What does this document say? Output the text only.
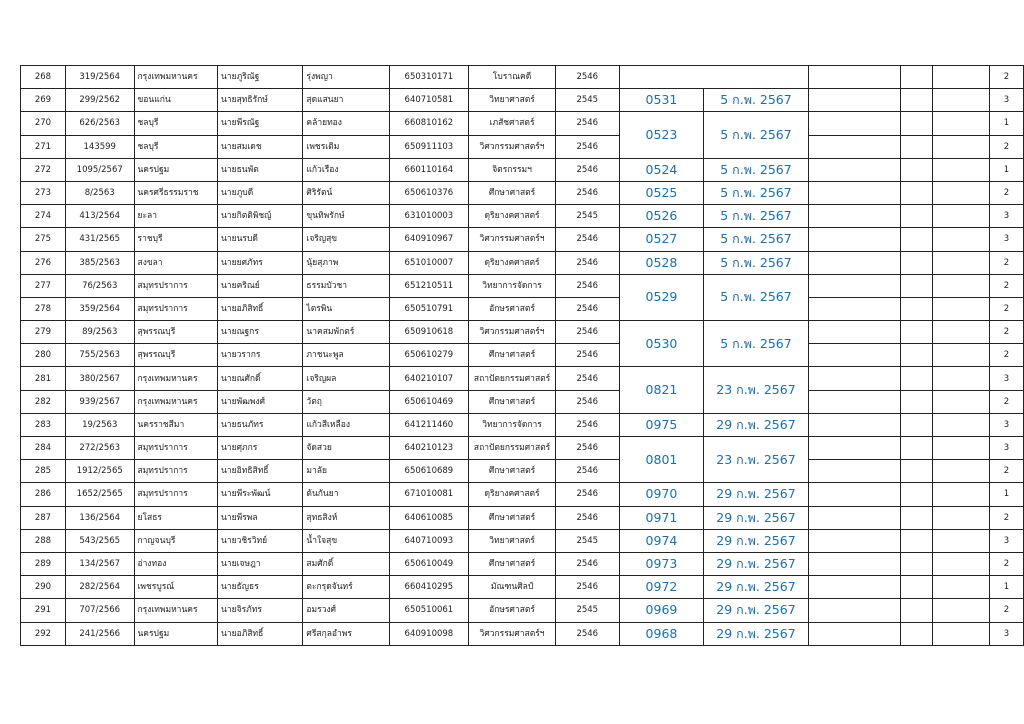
268	319/2564	กรุงเทพมหานคร	นายภูริณัฐ	รุ่งพญา	650310171	โบราณคดี	2546						2
269	299/2562	ขอนแก่น	นายสุทธิรักษ์	สุดแสนยา	640710581	วิทยาศาสตร์	2545	0531	5 ก.พ. 2567				3
270	626/2563	ชลบุรี	นายพีรณัฐ	คล้ายทอง	660810162	เภสัชศาสตร์	2546	0523	5 ก.พ. 2567				1
271	143599	ชลบุรี	นายสมเดช	เพชรเติม	650911103	วิศวกรรมศาสตร์ฯ	2546						2
272	1095/2567	นครปฐม	นายธนพัต	แก้วเรือง	660110164	จิตรกรรมฯ	2546	0524	5 ก.พ. 2567				1
273	8/2563	นครศรีธรรมราช	นายภูบดี	ศิริรัตน์	650610376	ศึกษาศาสตร์	2546	0525	5 ก.พ. 2567				2
274	413/2564	ยะลา	นายกิตติพิชญ์	ขุนทิพรักษ์	631010003	ดุริยางคศาสตร์	2545	0526	5 ก.พ. 2567				3
275	431/2565	ราชบุรี	นายนรบดี	เจริญสุข	640910967	วิศวกรรมศาสตร์ฯ	2546	0527	5 ก.พ. 2567				3
276	385/2563	สงขลา	นายยศภัทร	นุ้ยสุภาพ	651010007	ดุริยางคศาสตร์	2546	0528	5 ก.พ. 2567				2
277	76/2563	สมุทรปราการ	นายคริณย์	ธรรมบัวชา	651210511	วิทยาการจัดการ	2546	0529	5 ก.พ. 2567				2
278	359/2564	สมุทรปราการ	นายอภิสิทธิ์	ไตรพิน	650510791	อักษรศาสตร์	2546						2
279	89/2563	สุพรรณบุรี	นายณฐกร	นาคสมพักตร์	650910618	วิศวกรรมศาสตร์ฯ	2546	0530	5 ก.พ. 2567				2
280	755/2563	สุพรรณบุรี	นายวรากร	ภาชนะพูล	650610279	ศึกษาศาสตร์	2546						2
281	380/2567	กรุงเทพมหานคร	นายณศักดิ์	เจริญผล	640210107	สถาปัตยกรรมศาสตร์	2546	0821	23 ก.พ. 2567				3
282	939/2567	กรุงเทพมหานคร	นายพัฒพงศ์	วัตถุ	650610469	ศึกษาศาสตร์	2546						2
283	19/2563	นครราชสีมา	นายธนภัทร	แก้วสีเหลือง	641211460	วิทยาการจัดการ	2546	0975	29 ก.พ. 2567				3
284	272/2563	สมุทรปราการ	นายศุภกร	จัดสวย	640210123	สถาปัตยกรรมศาสตร์	2546	0801	23 ก.พ. 2567				3
285	1912/2565	สมุทรปราการ	นายอิทธิสิทธิ์	มาลัย	650610689	ศึกษาศาสตร์	2546						2
286	1652/2565	สมุทรปราการ	นายพีระพัฒน์	ต้นกันยา	671010081	ดุริยางคศาสตร์	2546	0970	29 ก.พ. 2567				1
287	136/2564	ยโสธร	นายพีรพล	สุทธสิงห์	640610085	ศึกษาศาสตร์	2546	0971	29 ก.พ. 2567				2
288	543/2565	กาญจนบุรี	นายวชิรวิทย์	น้ำใจสุข	640710093	วิทยาศาสตร์	2545	0974	29 ก.พ. 2567				3
289	134/2567	อ่างทอง	นายเจษฎา	สมศักดิ์	650610049	ศึกษาศาสตร์	2546	0973	29 ก.พ. 2567				2
290	282/2564	เพชรบูรณ์	นายธัญธร	ตะกรุดจันทร์	660410295	มัณฑนศิลป์	2546	0972	29 ก.พ. 2567				1
291	707/2566	กรุงเทพมหานคร	นายจิรภัทร	อมรวงศ์	650510061	อักษรศาสตร์	2545	0969	29 ก.พ. 2567				2
292	241/2566	นครปฐม	นายอภิสิทธิ์	ศรีสกุลอำพร	640910098	วิศวกรรมศาสตร์ฯ	2546	0968	29 ก.พ. 2567				3
